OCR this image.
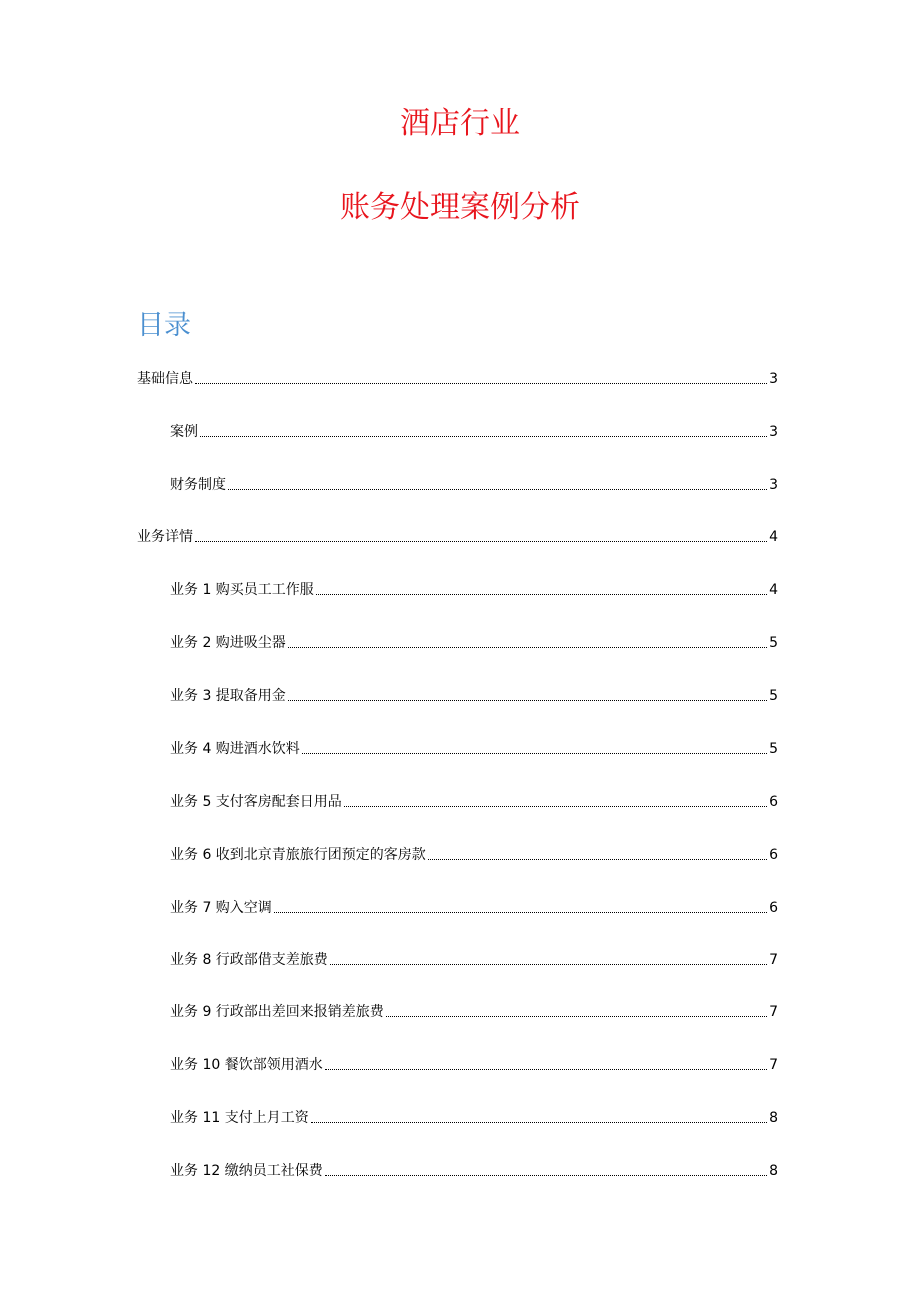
酒店行业
账务处理案例分析
目录
基础信息	3
案例	3
财务制度	3
业务详情	4
业务 1 购买员工工作服	4
业务 2 购进吸尘器	5
业务 3 提取备用金	5
业务 4 购进酒水饮料	5
业务 5 支付客房配套日用品	6
业务 6 收到北京青旅旅行团预定的客房款	6
业务 7 购入空调	6
业务 8 行政部借支差旅费	7
业务 9 行政部出差回来报销差旅费	7
业务 10 餐饮部领用酒水	7
业务 11 支付上月工资	8
业务 12 缴纳员工社保费	8
